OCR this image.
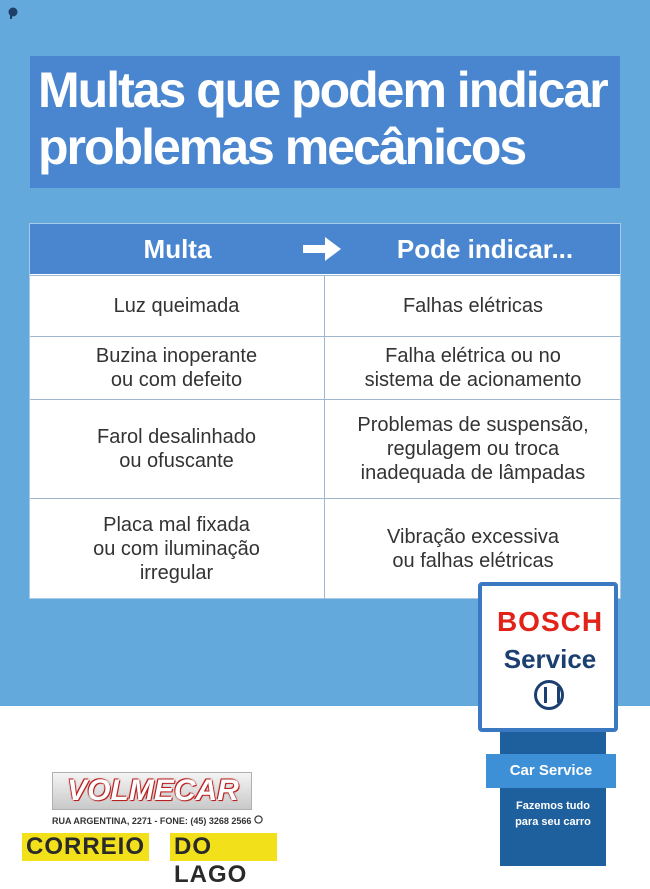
Multas que podem indicar
problemas mecânicos
Multa	Pode indicar...
Luz queimada	Falhas elétricas
Buzina inoperante
ou com defeito
Falha elétrica ou no
sistema de acionamento
Farol desalinhado
ou ofuscante
Problemas de suspensão,
regulagem ou troca
inadequada de lâmpadas
Placa mal fixada
ou com iluminação
irregular
Vibração excessiva
ou falhas elétricas
BOSCH
Service
Car Service
Fazemos tudo
para seu carro
VOLMECAR
RUA ARGENTINA, 2271 - FONE: (45) 3268 2566
CORREIO DO LAGO
